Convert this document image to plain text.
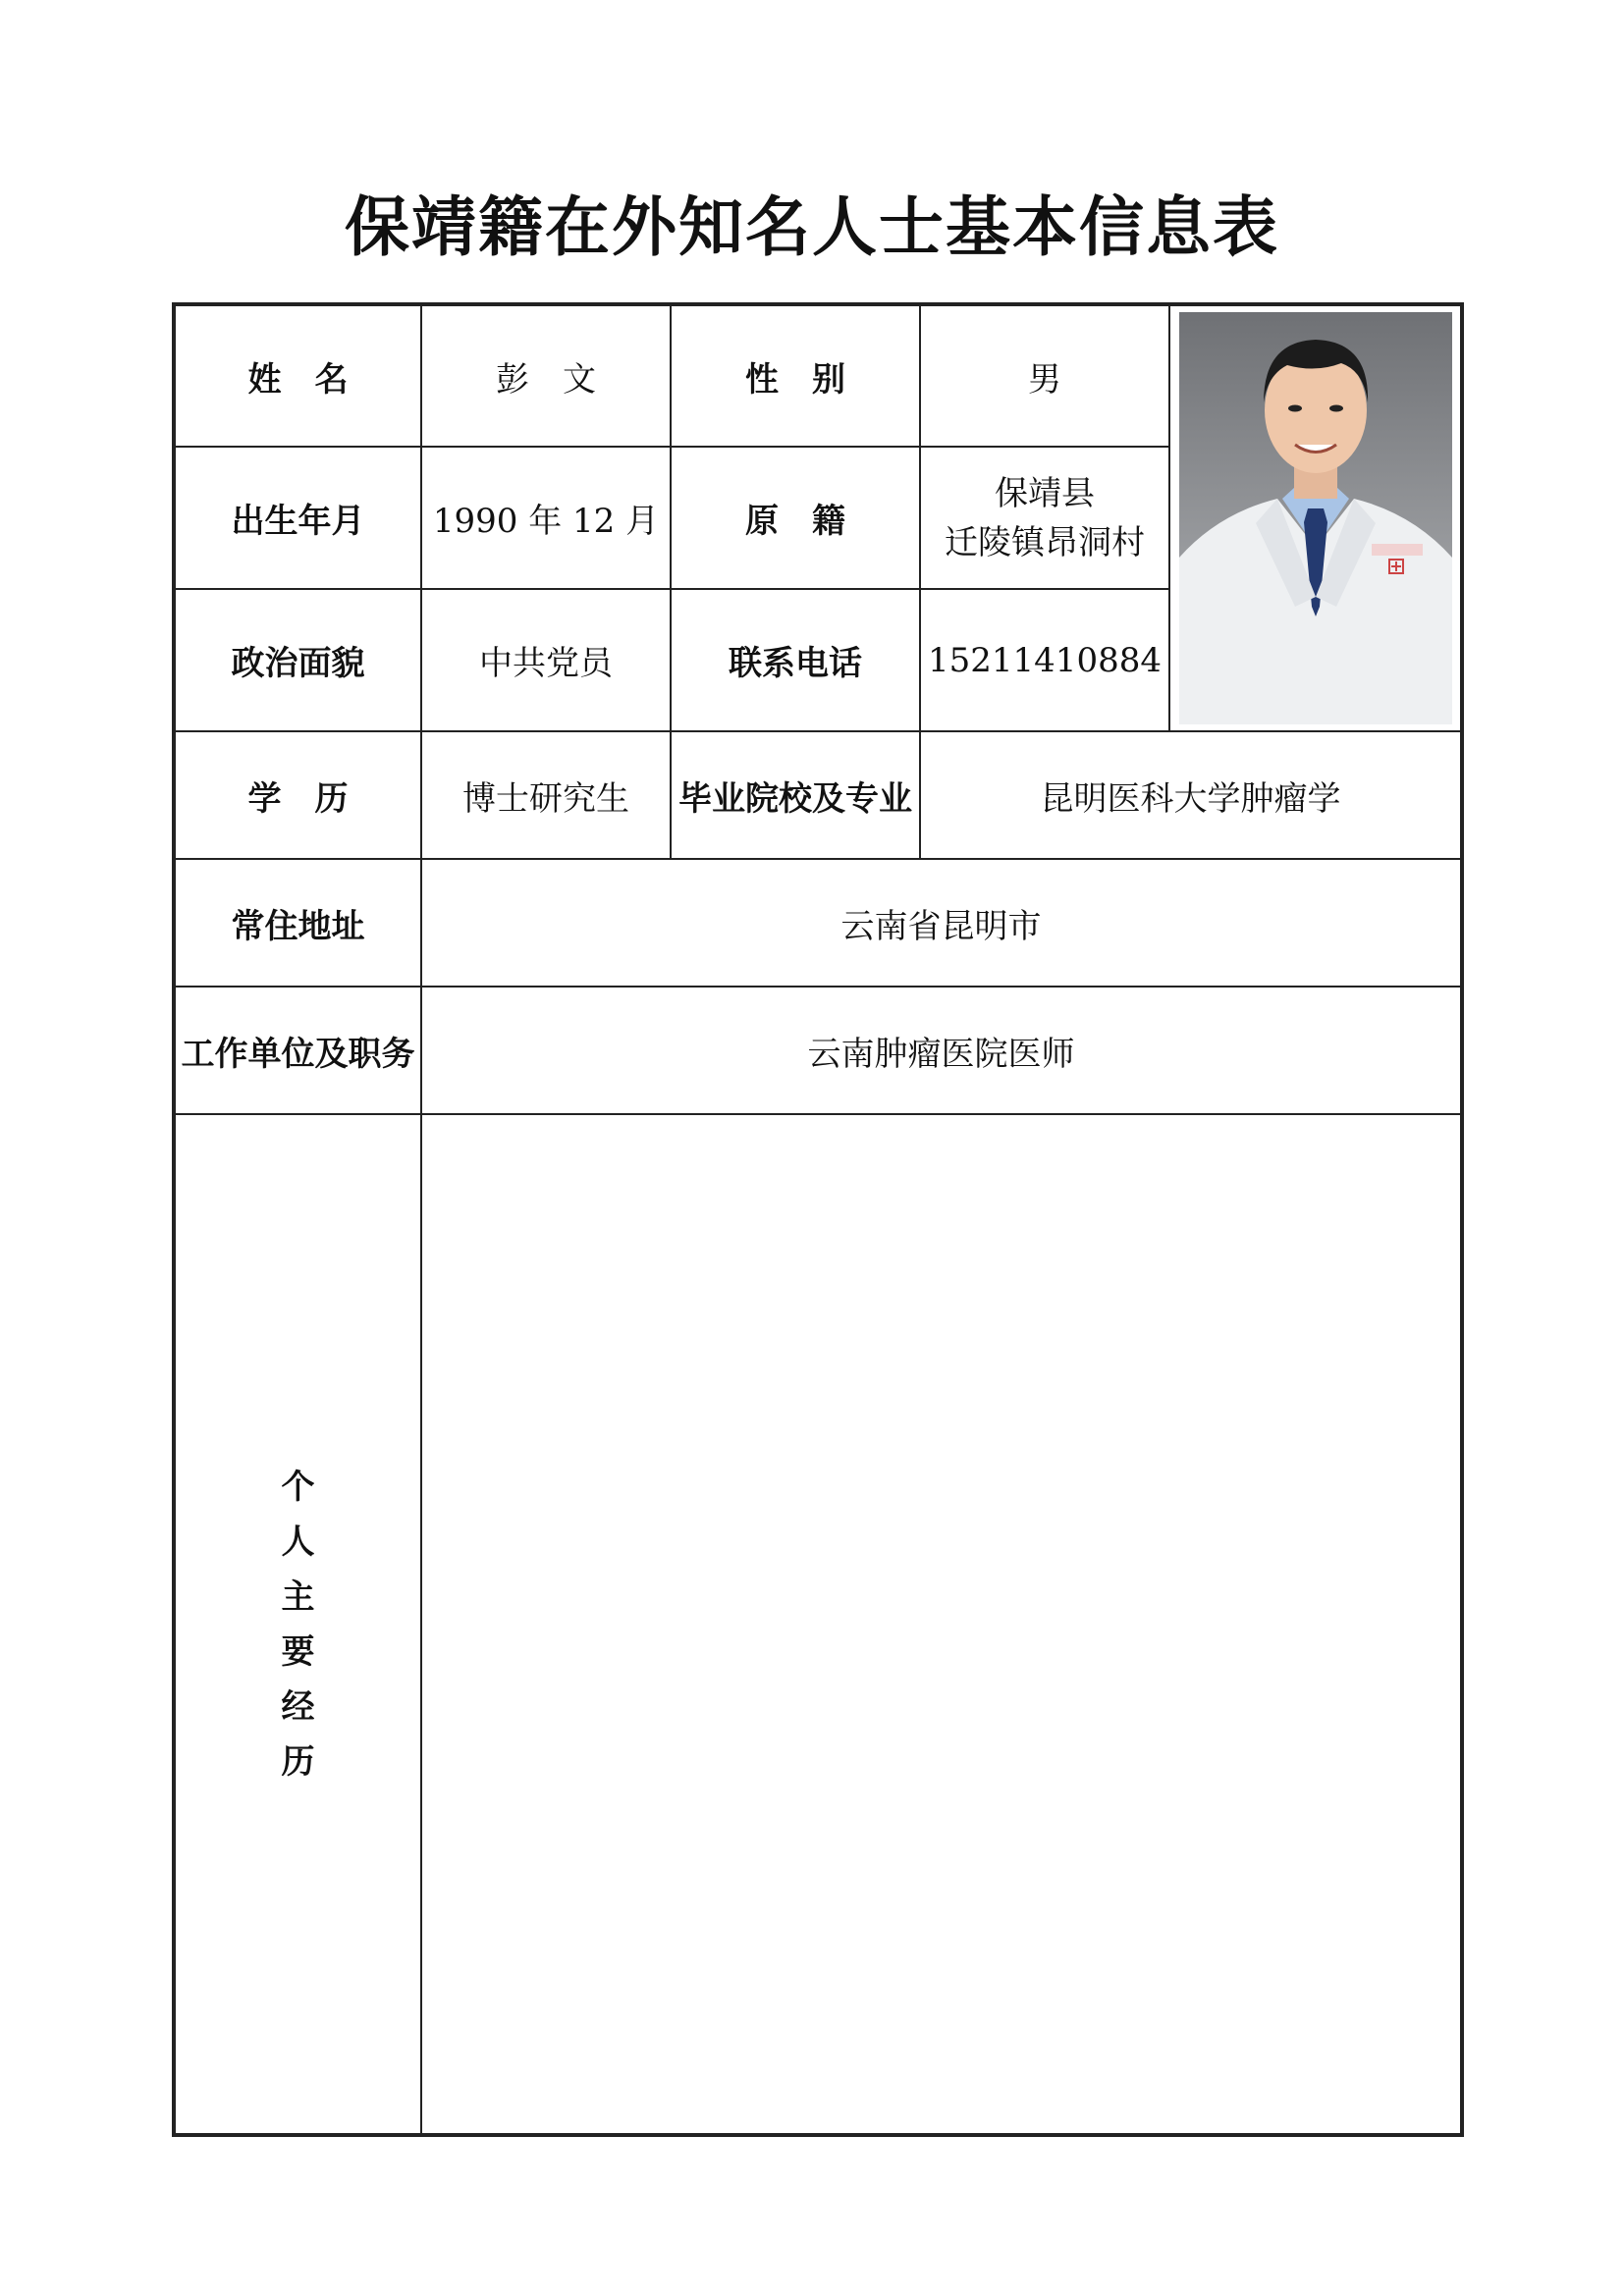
保靖籍在外知名人士基本信息表
姓　名	彭　文	性　别	男	

出生年月	1990 年 12 月	原　籍	保靖县
迁陵镇昂洞村	

政治面貌	中共党员	联系电话	15211410884	
学　历	博士研究生	毕业院校及专业	昆明医科大学肿瘤学	
常住地址	云南省昆明市			
工作单位及职务	云南肿瘤医院医师			
个人主要经历				
